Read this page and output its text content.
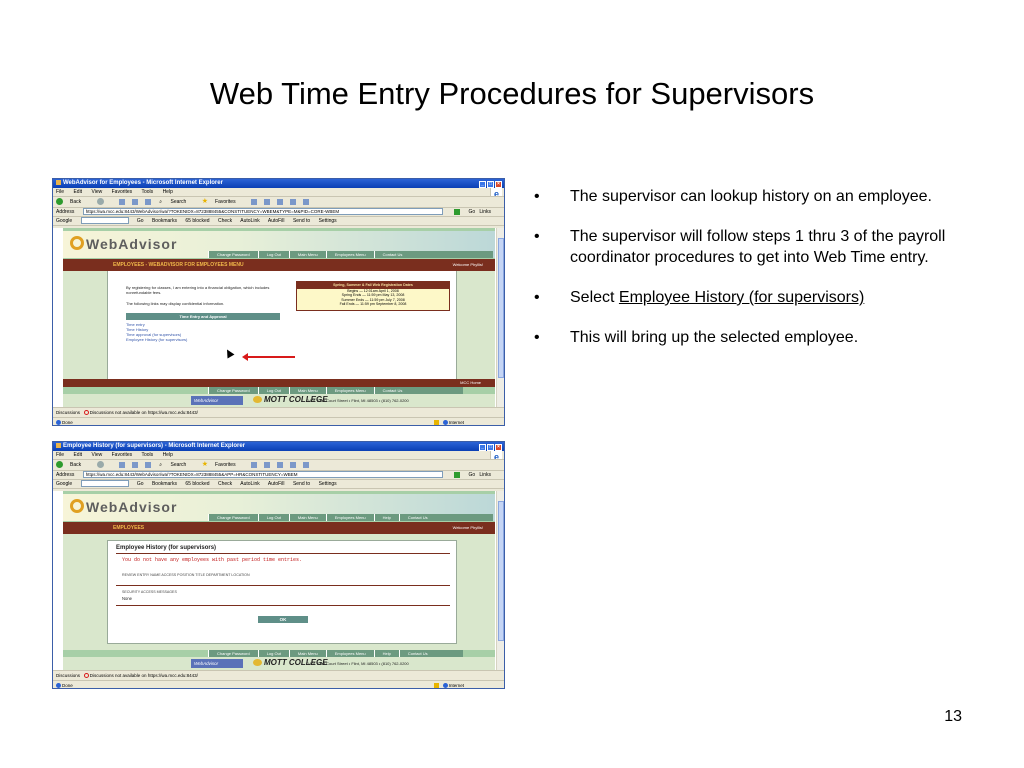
Web Time Entry Procedures for Supervisors
• The supervisor can lookup history on an employee.
• The supervisor will follow steps 1 thru 3 of the payroll coordinator procedures to get into Web Time entry.
• Select Employee History (for supervisors)
• This will bring up the selected employee.
13
WebAdvisor for Employees - Microsoft Internet Explorer	_ □ ×
File Edit View Favorites Tools Help	e
Back	⌕ Search ★ Favorites
Address	https://wa.mcc.edu:8443/WebAdvisor/wa/?TOKENIDX=8723888455&CONSTITUENCY=WBEM&TYPE=M&PID=CORE-WBEM	Go Links
Google	Go Bookmarks 65 blocked Check AutoLink AutoFill Send to Settings
WebAdvisor
Change Password	Log Out	Main Menu	Employees Menu	Contact Us
EMPLOYEES - WEBADVISOR FOR EMPLOYEES MENU	Welcome Phyllis!
By registering for classes, I am entering into a financial obligation, which includes nonrefundable fees.
The following links may display confidential information.
Spring, Summer & Fall Web Registration Dates
Begins — 12:01am April 1, 2008
Spring Ends — 11:59 pm May 13, 2008
Summer Ends — 11:59 pm July 7, 2008
Fall Ends — 11:59 pm September 8, 2008
Time Entry and Approval
Time entry
Time History
Time approval (for supervisors)
Employee History (for supervisors)
MCC Home
Change Password	Log Out	Main Menu	Employees Menu	Contact Us
WebAdvisor	MOTT COLLEGE
1401 East Court Street • Flint, MI 48503 • (810) 762-0200
Discussions Discussions not available on https://wa.mcc.edu:8443/
Done	Internet
Employee History (for supervisors) - Microsoft Internet Explorer	_ □ ×
File Edit View Favorites Tools Help	e
Back	⌕ Search ★ Favorites
Address	https://wa.mcc.edu:8443/WebAdvisor/wa/?TOKENIDX=8723888455&APP=HR&CONSTITUENCY=WBEM	Go Links
Google	Go Bookmarks 65 blocked Check AutoLink AutoFill Send to Settings
WebAdvisor
Change Password	Log Out	Main Menu	Employees Menu	Help	Contact Us
EMPLOYEES	Welcome Phyllis!
Employee History (for supervisors)
You do not have any employees with past period time entries.
REVIEW ENTRY NAME ACCESS POSITION TITLE DEPARTMENT LOCATION
SECURITY ACCESS MESSAGES
None
OK
Change Password	Log Out	Main Menu	Employees Menu	Help	Contact Us
WebAdvisor	MOTT COLLEGE
1401 East Court Street • Flint, MI 48503 • (810) 762-0200
Discussions Discussions not available on https://wa.mcc.edu:8443/
Done	Internet
